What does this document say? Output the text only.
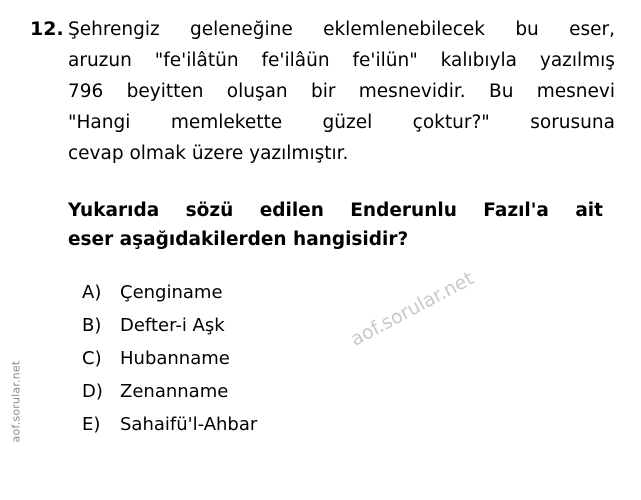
aof.sorular.net
aof.sorular.net
12. Şehrengiz geleneğine eklemlenebilecek bu eser,
aruzun "fe'ilâtün fe'ilâün fe'ilün" kalıbıyla yazılmış
796 beyitten oluşan bir mesnevidir. Bu mesnevi
"Hangi memlekette güzel çoktur?" sorusuna
cevap olmak üzere yazılmıştır.
Yukarıda sözü edilen Enderunlu Fazıl'a ait
eser aşağıdakilerden hangisidir?
A)	Çenginame
B)	Defter-i Aşk
C)	Hubanname
D) Zenanname
E)	Sahaifü'l-Ahbar
